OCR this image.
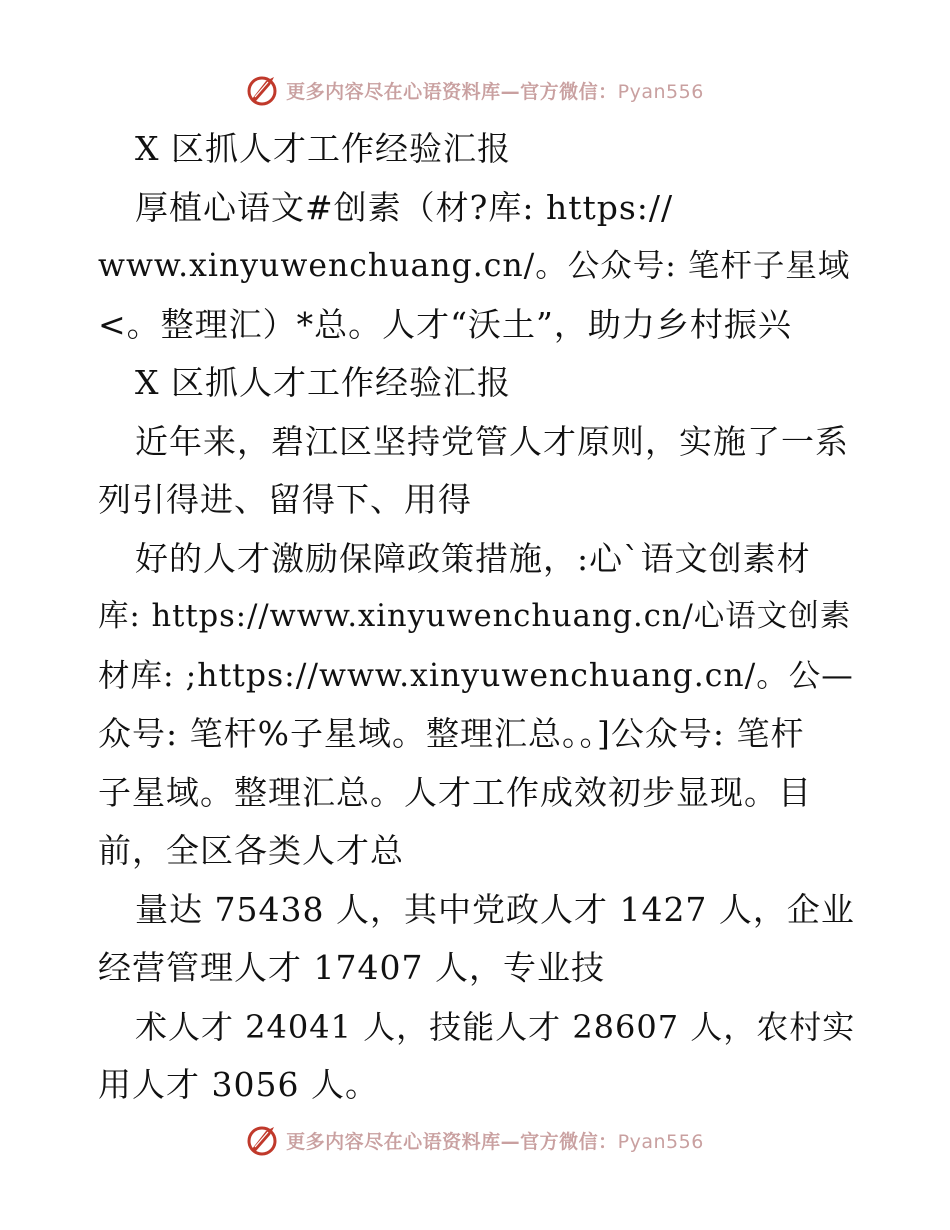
更多内容尽在心语资料库—官方微信：Pyan556
X 区抓人才工作经验汇报
厚植心语文#创素（材?库: https://
www.xinyuwenchuang.cn/。公众号: 笔杆子星域
<。整理汇）*总。人才“沃土”，助力乡村振兴
X 区抓人才工作经验汇报
近年来，碧江区坚持党管人才原则，实施了一系
列引得进、留得下、用得
好的人才激励保障政策措施，:心`语文创素材
库: https://www.xinyuwenchuang.cn/心语文创素
材库: ;https://www.xinyuwenchuang.cn/。公—
众号: 笔杆%子星域。整理汇总。。]公众号: 笔杆
子星域。整理汇总。人才工作成效初步显现。目
前，全区各类人才总
量达 75438 人，其中党政人才 1427 人，企业
经营管理人才 17407 人，专业技
术人才 24041 人，技能人才 28607 人，农村实
用人才 3056 人。
更多内容尽在心语资料库—官方微信：Pyan556
